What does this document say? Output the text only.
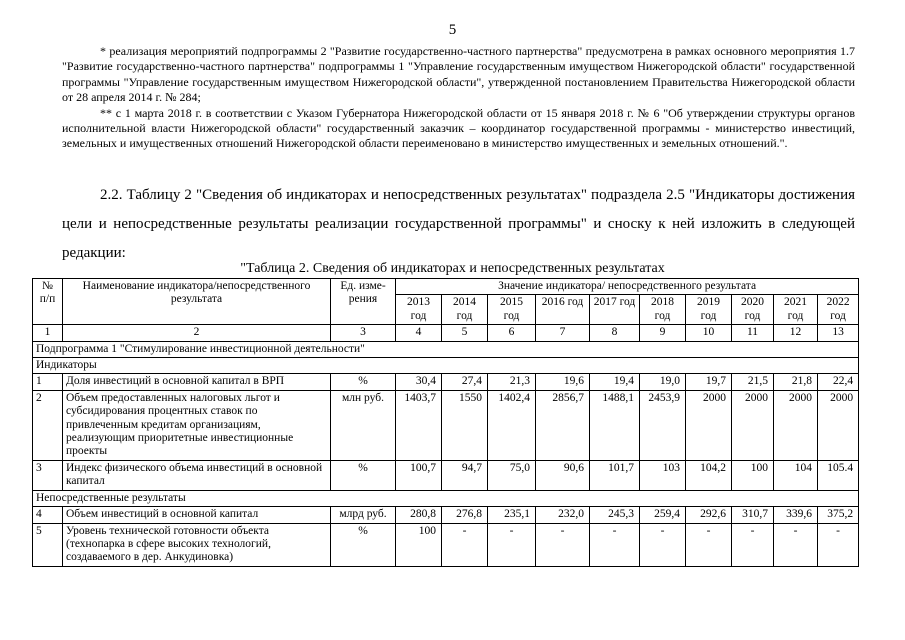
5

* реализация мероприятий подпрограммы 2 "Развитие государственно-частного партнерства" предусмотрена в рамках основного мероприятия 1.7 "Развитие государственно-частного партнерства" подпрограммы 1 "Управление государственным имуществом Нижегородской области" государственной программы "Управление государственным имуществом Нижегородской области", утвержденной постановлением Правительства Нижегородской области от 28 апреля 2014 г. № 284;

** с 1 марта 2018 г. в соответствии с Указом Губернатора Нижегородской области от 15 января 2018 г. № 6 "Об утверждении структуры органов исполнительной власти Нижегородской области" государственный заказчик – координатор государственной программы - министерство инвестиций, земельных и имущественных отношений Нижегородской области переименовано в министерство имущественных и земельных отношений.".

2.2. Таблицу 2 "Сведения об индикаторах и непосредственных результатах" подраздела 2.5 "Индикаторы достижения цели и непосредственные результаты реализации государственной программы" и сноску к ней изложить в следующей редакции:

"Таблица 2. Сведения об индикаторах и непосредственных результатах
№ п/п	Наименование индикатора/непосредственного результата	Ед. изме-рения	Значение индикатора/ непосредственного результата									
			2013 год	2014 год	2015 год	2016 год	2017 год	2018 год	2019 год	2020 год	2021 год	2022 год
1	2	3	4	5	6	7	8	9	10	11	12	13
Подпрограмма 1 "Стимулирование инвестиционной деятельности"												
Индикаторы												
1	Доля инвестиций в основной капитал в ВРП	%	30,4	27,4	21,3	19,6	19,4	19,0	19,7	21,5	21,8	22,4
2	Объем предоставленных налоговых льгот и субсидирования процентных ставок по привлеченным кредитам организациям, реализующим приоритетные инвестиционные проекты	млн руб.	1403,7	1550	1402,4	2856,7	1488,1	2453,9	2000	2000	2000	2000
3	Индекс физического объема инвестиций в основной капитал	%	100,7	94,7	75,0	90,6	101,7	103	104,2	100	104	105.4
Непосредственные результаты												
4	Объем инвестиций в основной капитал	млрд руб.	280,8	276,8	235,1	232,0	245,3	259,4	292,6	310,7	339,6	375,2
5	Уровень технической готовности объекта (технопарка в сфере высоких технологий, создаваемого в дер. Анкудиновка)	%	100	-	-	-	-	-	-	-	-	-
